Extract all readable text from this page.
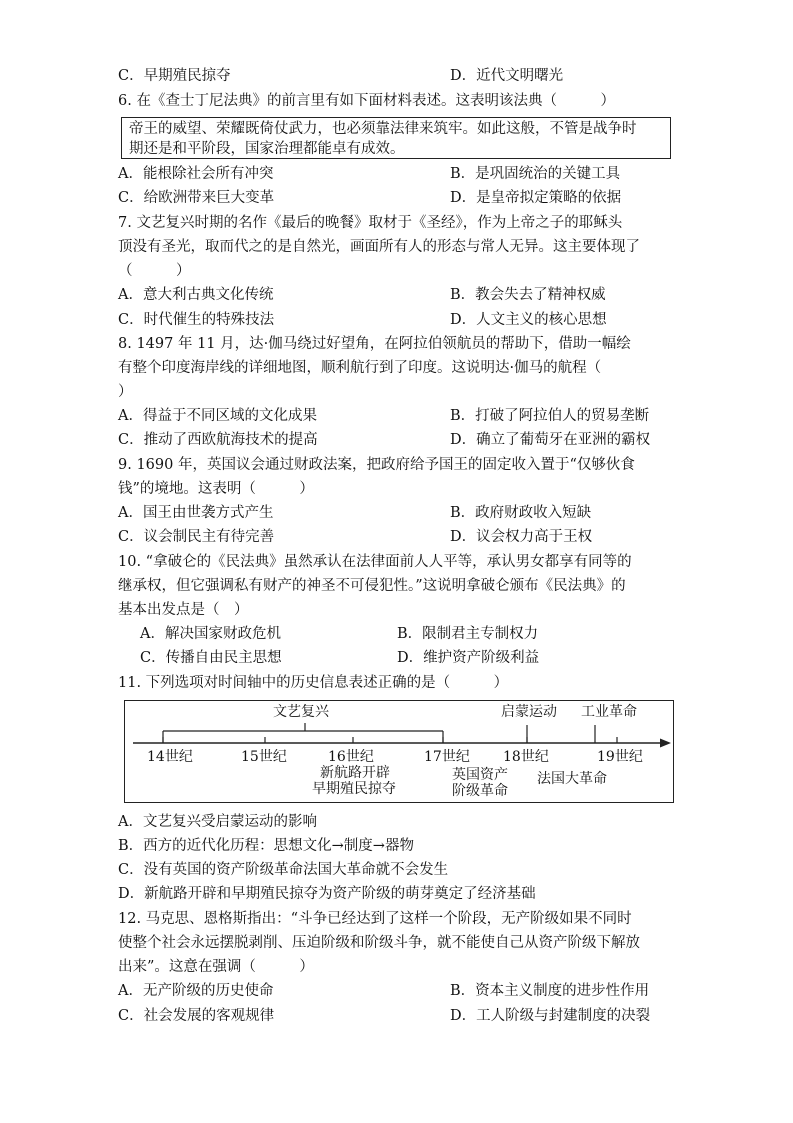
C．早期殖民掠夺	D．近代文明曙光
6. 在《查士丁尼法典》的前言里有如下面材料表述。这表明该法典（　　　）
帝王的威望、荣耀既倚仗武力，也必须靠法律来筑牢。如此这般，不管是战争时
期还是和平阶段，国家治理都能卓有成效。
A．能根除社会所有冲突	B．是巩固统治的关键工具
C．给欧洲带来巨大变革	D．是皇帝拟定策略的依据
7. 文艺复兴时期的名作《最后的晚餐》取材于《圣经》，作为上帝之子的耶稣头
顶没有圣光，取而代之的是自然光，画面所有人的形态与常人无异。这主要体现了
（　　　）
A．意大利古典文化传统	B．教会失去了精神权威
C．时代催生的特殊技法	D．人文主义的核心思想
8. 1497 年 11 月，达·伽马绕过好望角，在阿拉伯领航员的帮助下，借助一幅绘
有整个印度海岸线的详细地图，顺利航行到了印度。这说明达·伽马的航程（
）
A．得益于不同区域的文化成果	B．打破了阿拉伯人的贸易垄断
C．推动了西欧航海技术的提高	D．确立了葡萄牙在亚洲的霸权
9. 1690 年，英国议会通过财政法案，把政府给予国王的固定收入置于“仅够伙食
钱”的境地。这表明（　　　）
A．国王由世袭方式产生	B．政府财政收入短缺
C．议会制民主有待完善	D．议会权力高于王权
10. “拿破仑的《民法典》虽然承认在法律面前人人平等，承认男女都享有同等的
继承权，但它强调私有财产的神圣不可侵犯性。”这说明拿破仑颁布《民法典》的
基本出发点是（　）
A．解决国家财政危机	B．限制君主专制权力
C．传播自由民主思想	D．维护资产阶级利益
11. 下列选项对时间轴中的历史信息表述正确的是（　　　）
文艺复兴	启蒙运动 工业革命
14世纪	15世纪	16世纪	17世纪 18世纪	19世纪
新航路开辟
早期殖民掠夺
英国资产
阶级革命
法国大革命
A．文艺复兴受启蒙运动的影响
B．西方的近代化历程：思想文化→制度→器物
C．没有英国的资产阶级革命法国大革命就不会发生
D．新航路开辟和早期殖民掠夺为资产阶级的萌芽奠定了经济基础
12. 马克思、恩格斯指出：“斗争已经达到了这样一个阶段，无产阶级如果不同时
使整个社会永远摆脱剥削、压迫阶级和阶级斗争，就不能使自己从资产阶级下解放
出来”。这意在强调（　　　）
A．无产阶级的历史使命	B．资本主义制度的进步性作用
C．社会发展的客观规律	D．工人阶级与封建制度的决裂
